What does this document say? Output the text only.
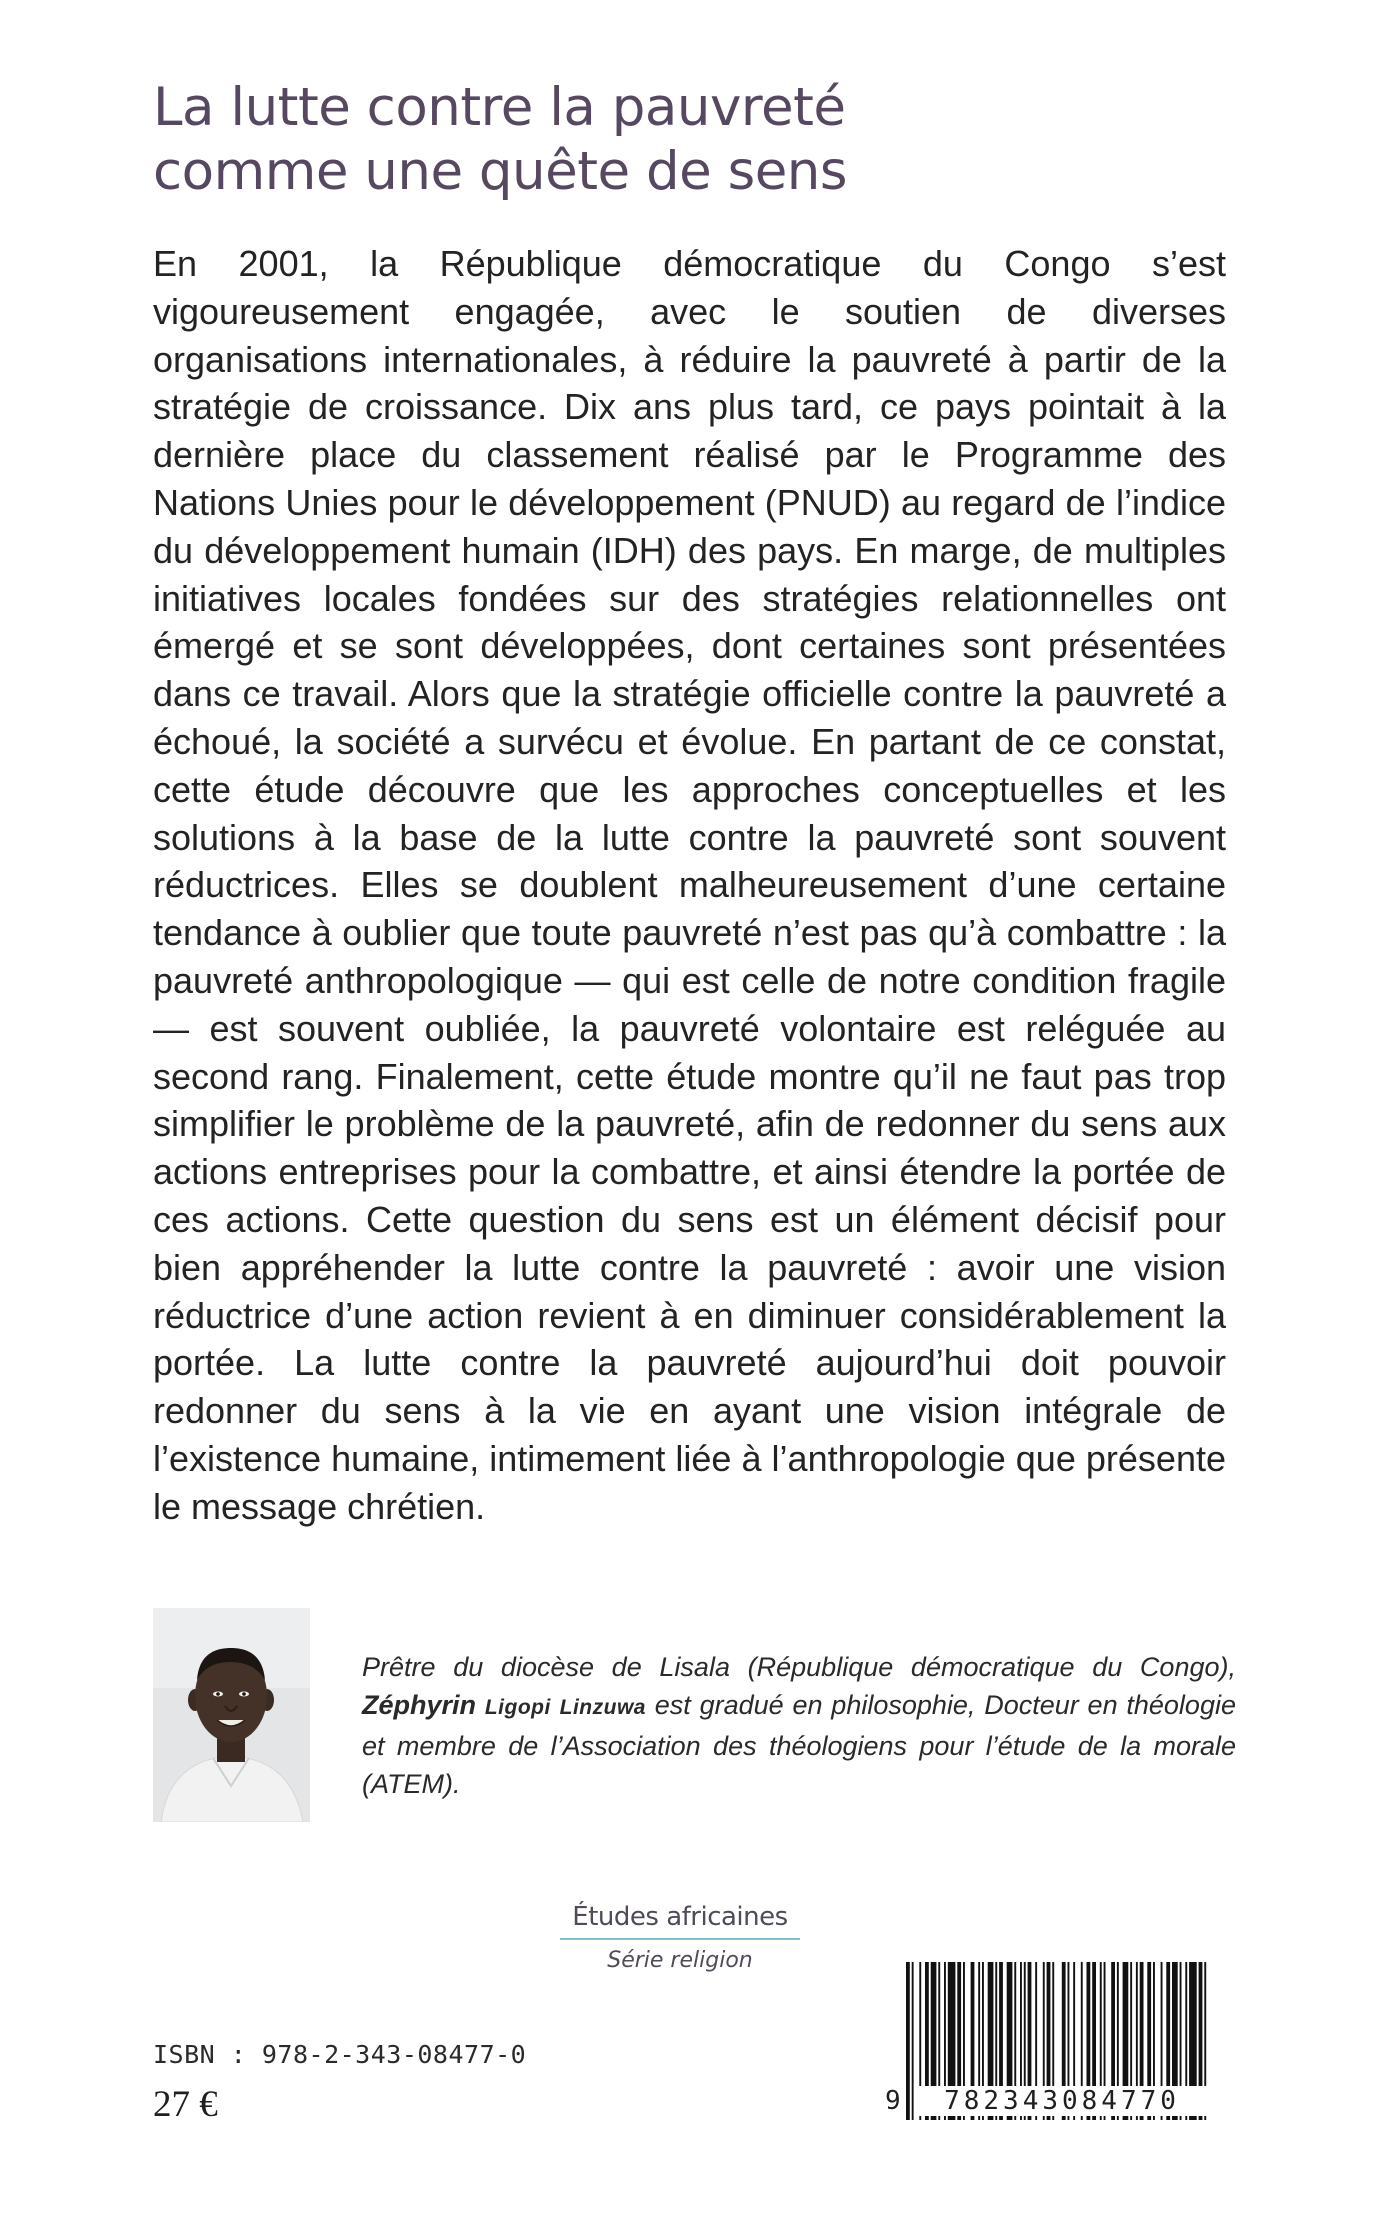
La lutte contre la pauvreté
comme une quête de sens

En 2001, la République démocratique du Congo s’est vigoureusement engagée, avec le soutien de diverses organisations internationales, à réduire la pauvreté à partir de la stratégie de croissance. Dix ans plus tard, ce pays pointait à la dernière place du classement réalisé par le Programme des Nations Unies pour le développement (PNUD) au regard de l’indice du développement humain (IDH) des pays. En marge, de multiples initiatives locales fondées sur des stratégies relationnelles ont émergé et se sont développées, dont certaines sont présentées dans ce travail. Alors que la stratégie officielle contre la pauvreté a échoué, la société a survécu et évolue. En partant de ce constat, cette étude découvre que les approches conceptuelles et les solutions à la base de la lutte contre la pauvreté sont souvent réductrices. Elles se doublent malheureusement d’une certaine tendance à oublier que toute pauvreté n’est pas qu’à combattre : la pauvreté anthropologique — qui est celle de notre condition fragile — est souvent oubliée, la pauvreté volontaire est reléguée au second rang. Finalement, cette étude montre qu’il ne faut pas trop simplifier le problème de la pauvreté, afin de redonner du sens aux actions entreprises pour la combattre, et ainsi étendre la portée de ces actions. Cette question du sens est un élément décisif pour bien appréhender la lutte contre la pauvreté : avoir une vision réductrice d’une action revient à en diminuer considérablement la portée. La lutte contre la pauvreté aujourd’hui doit pouvoir redonner du sens à la vie en ayant une vision intégrale de l’existence humaine, intimement liée à l’anthropologie que présente le message chrétien.

Prêtre du diocèse de Lisala (République démocratique du Congo), Zéphyrin Ligopi Linzuwa est gradué en philosophie, Docteur en théologie et membre de l’Association des théologiens pour l’étude de la morale (ATEM).

Études africaines
Série religion
ISBN : 978-2-343-08477-0
27 €	9	782343084770
